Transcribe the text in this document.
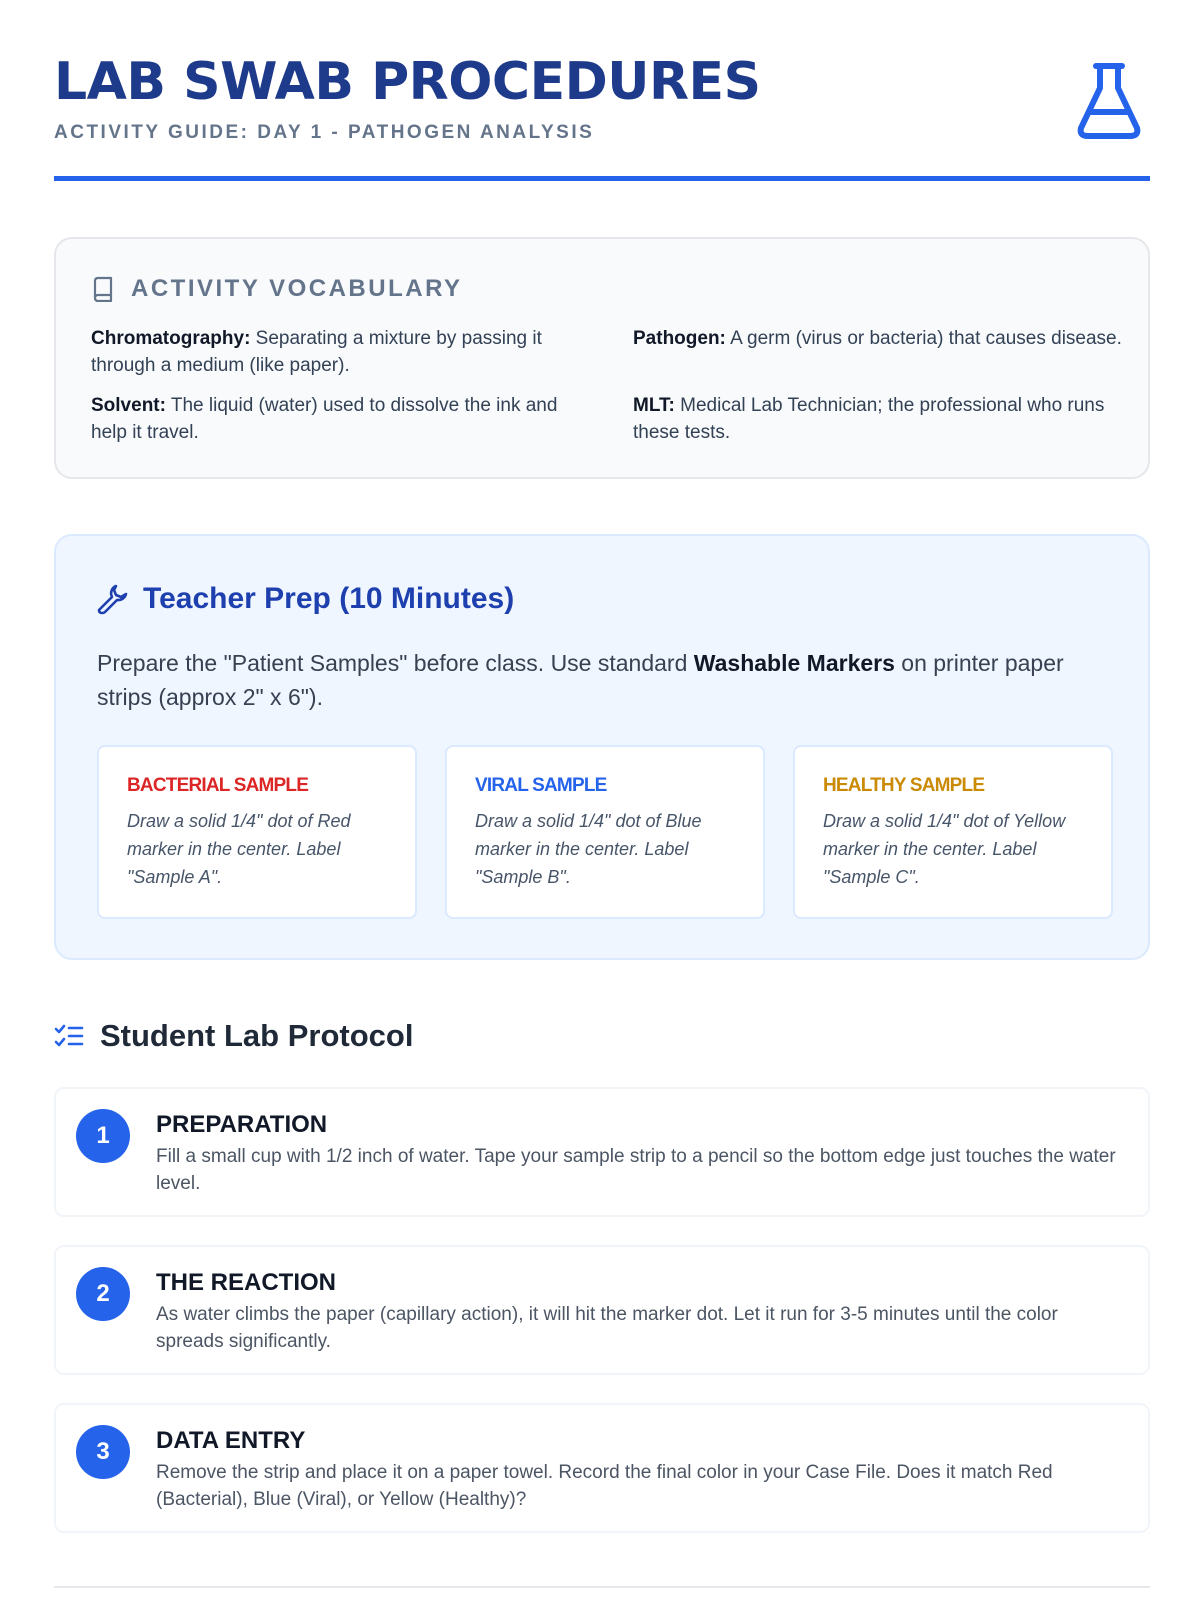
LAB SWAB PROCEDURES
ACTIVITY GUIDE: DAY 1 - PATHOGEN ANALYSIS
ACTIVITY VOCABULARY
Chromatography: Separating a mixture by passing it through a medium (like paper).
Pathogen: A germ (virus or bacteria) that causes disease.
Solvent: The liquid (water) used to dissolve the ink and help it travel.
MLT: Medical Lab Technician; the professional who runs these tests.
Teacher Prep (10 Minutes)
Prepare the "Patient Samples" before class. Use standard Washable Markers on printer paper strips (approx 2" x 6").
BACTERIAL SAMPLE
Draw a solid 1/4" dot of Red marker in the center. Label "Sample A".
VIRAL SAMPLE
Draw a solid 1/4" dot of Blue marker in the center. Label "Sample B".
HEALTHY SAMPLE
Draw a solid 1/4" dot of Yellow marker in the center. Label "Sample C".
Student Lab Protocol
1	PREPARATION
Fill a small cup with 1/2 inch of water. Tape your sample strip to a pencil so the bottom edge just touches the water level.
2	THE REACTION
As water climbs the paper (capillary action), it will hit the marker dot. Let it run for 3-5 minutes until the color spreads significantly.
3	DATA ENTRY
Remove the strip and place it on a paper towel. Record the final color in your Case File. Does it match Red (Bacterial), Blue (Viral), or Yellow (Healthy)?
